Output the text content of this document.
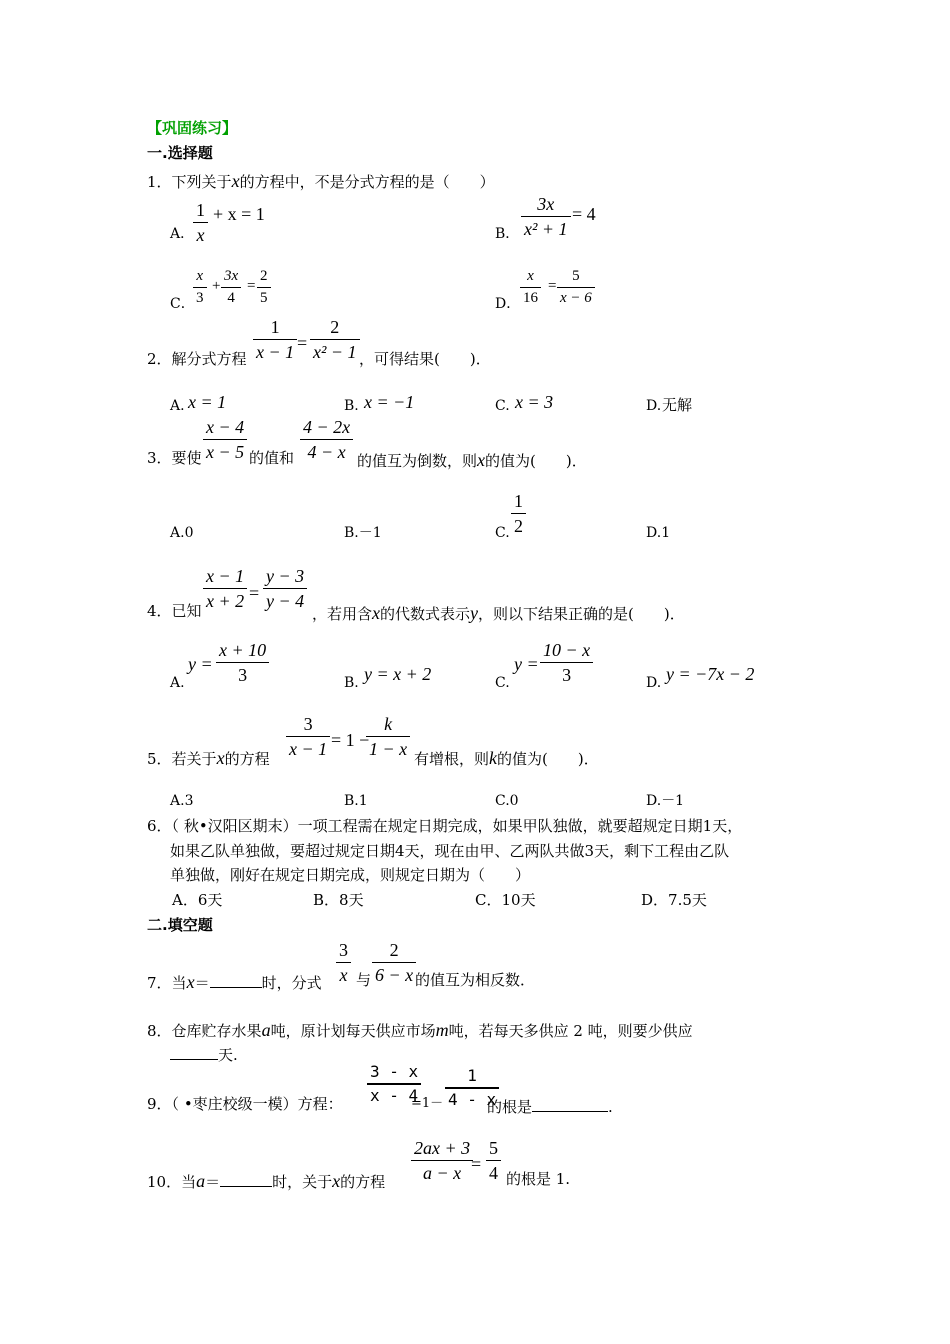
【巩固练习】
一.选择题
1．下列关于x的方程中，不是分式方程的是（　　）
A．
1
x
+ x = 1
B．
3x
x² + 1
= 4
C．
x
3
+
3x
4
=
2
5	D．
x
16
=
5
x − 6
2．解分式方程
1
x − 1 =
2
x² − 1 ，可得结果(　　)．
A. x = 1	B. x = −1	C. x = 3	D. 无解
3．要使
x − 4
x − 5 的值和
4 − 2x
4 − x 的值互为倒数，则x的值为(　　)．
A.0	B.－1	C.
1
2	D.1
4．已知
x − 1
x + 2 =
y − 3
y − 4
，若用含x的代数式表示y，则以下结果正确的是(　　)．
A.
y =
x + 10
3	B. y = x + 2	C.
y =
10 − x
3	D. y = −7x − 2
5．若关于x的方程
3
x − 1 = 1 −
k
1 − x 有增根，则k的值为(　　)．
A.3	B.1	C.0	D.－1
6．（ 秋•汉阳区期末）一项工程需在规定日期完成，如果甲队独做，就要超规定日期1天，
如果乙队单独做，要超过规定日期4天，现在由甲、乙两队共做3天，剩下工程由乙队
单独做，刚好在规定日期完成，则规定日期为（　　）
A．6天	B．8天	C．10天	D．7.5天
二.填空题
7．当x＝	时，分式
3
x 与
2
6 − x 的值互为相反数．
8．仓库贮存水果a吨，原计划每天供应市场m吨，若每天多供应 2 吨，则要少供应
天.
9．（ •枣庄校级一模）方程：
3 - x
x - 4
=1－
1
4 - x
的根是	.
10．当a＝	时，关于x的方程
2ax + 3
a − x =
5
4 的根是 1.
